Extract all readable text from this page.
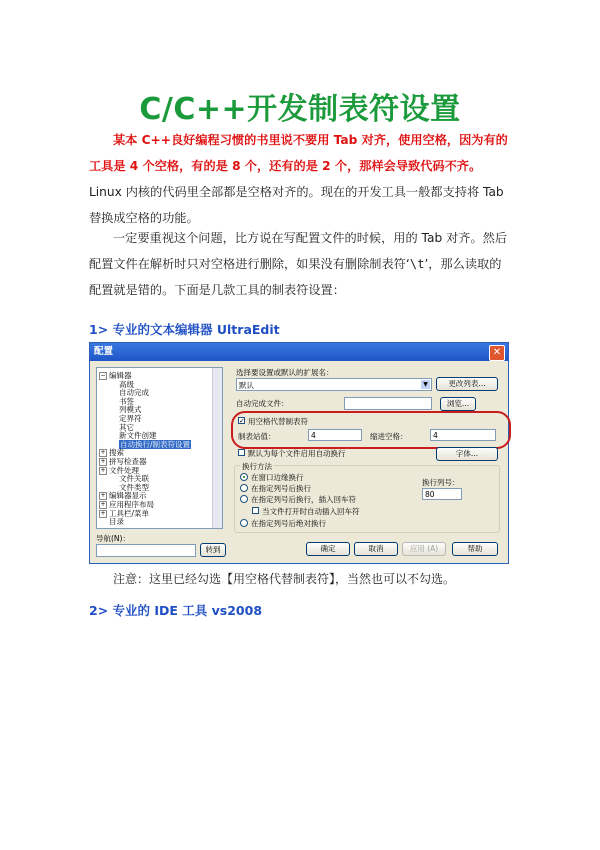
C/C++开发制表符设置
某本 C++良好编程习惯的书里说不要用 Tab 对齐，使用空格，因为有的工具是 4 个空格，有的是 8 个，还有的是 2 个，那样会导致代码不齐。Linux 内核的代码里全部都是空格对齐的。现在的开发工具一般都支持将 Tab 替换成空格的功能。
一定要重视这个问题，比方说在写配置文件的时候，用的 Tab 对齐。然后配置文件在解析时只对空格进行删除，如果没有删除制表符‘\t’，那么读取的配置就是错的。下面是几款工具的制表符设置：
1> 专业的文本编辑器 UltraEdit
配置	✕
− 编辑器
高级
自动完成
书签
列模式
定界符
其它
新文件创建
自动换行/制表符设置
+ 搜索
+ 拼写检查器
+ 文件处理
文件关联
文件类型
+ 编辑器显示
+ 应用程序布局
+ 工具栏/菜单
目录
导航(N)：
转到
选择要设置或默认的扩展名：
默认	▼	更改列表...
自动完成文件：	浏览...
✓ 用空格代替制表符
制表站值：	4	缩进空格：	4
默认为每个文件启用自动换行	字体...
换行方法
在窗口边缘换行
在指定列号后换行
在指定列号后换行，插入回车符
当文件打开时自动插入回车符
在指定列号后绝对换行
换行列号：
80
确定	取消	应用 (A)	帮助
注意：这里已经勾选【用空格代替制表符】，当然也可以不勾选。
2> 专业的 IDE 工具 vs2008
